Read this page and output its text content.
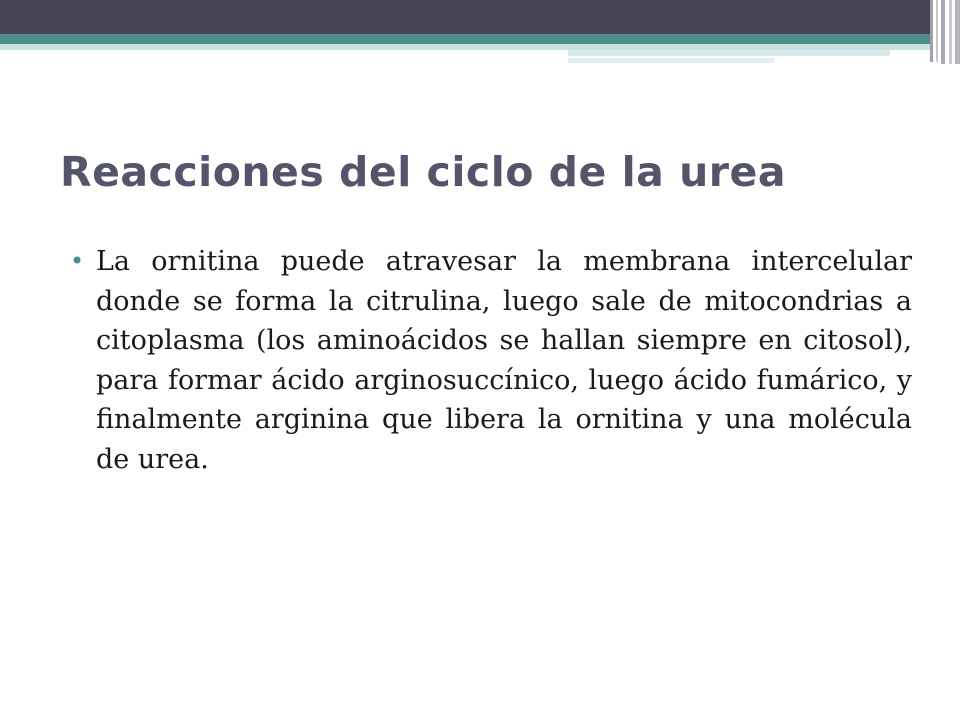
Reacciones del ciclo de la urea
• La ornitina puede atravesar la membrana intercelular donde se forma la citrulina, luego sale de mitocondrias a citoplasma (los aminoácidos se hallan siempre en citosol), para formar ácido arginosuccínico, luego ácido fumárico, y finalmente arginina que libera la ornitina y una molécula de urea.
